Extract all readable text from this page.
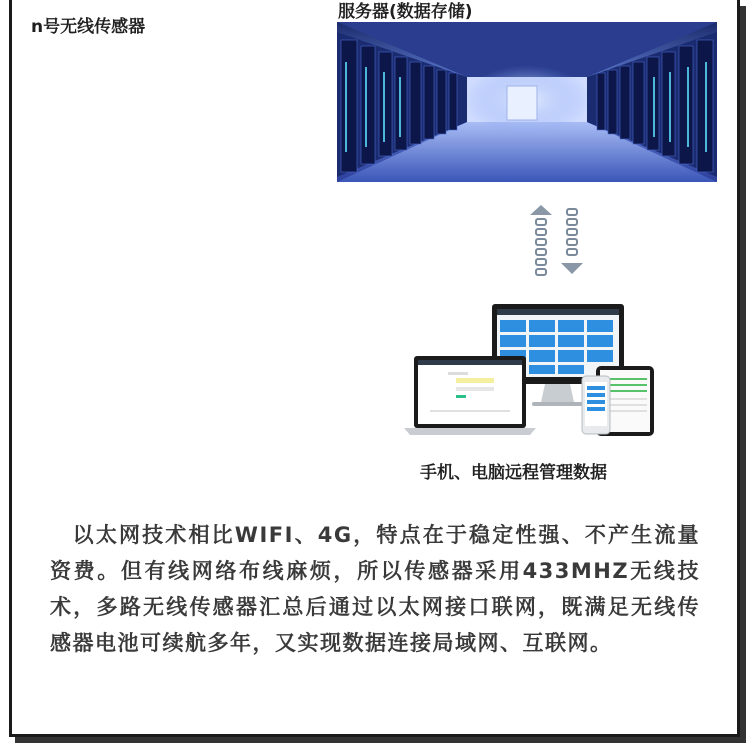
n号无线传感器
服务器(数据存储)
手机、电脑远程管理数据
以太网技术相比WIFI、4G，特点在于稳定性强、不产生流量资费。但有线网络布线麻烦，所以传感器采用433MHZ无线技术，多路无线传感器汇总后通过以太网接口联网，既满足无线传感器电池可续航多年，又实现数据连接局域网、互联网。
